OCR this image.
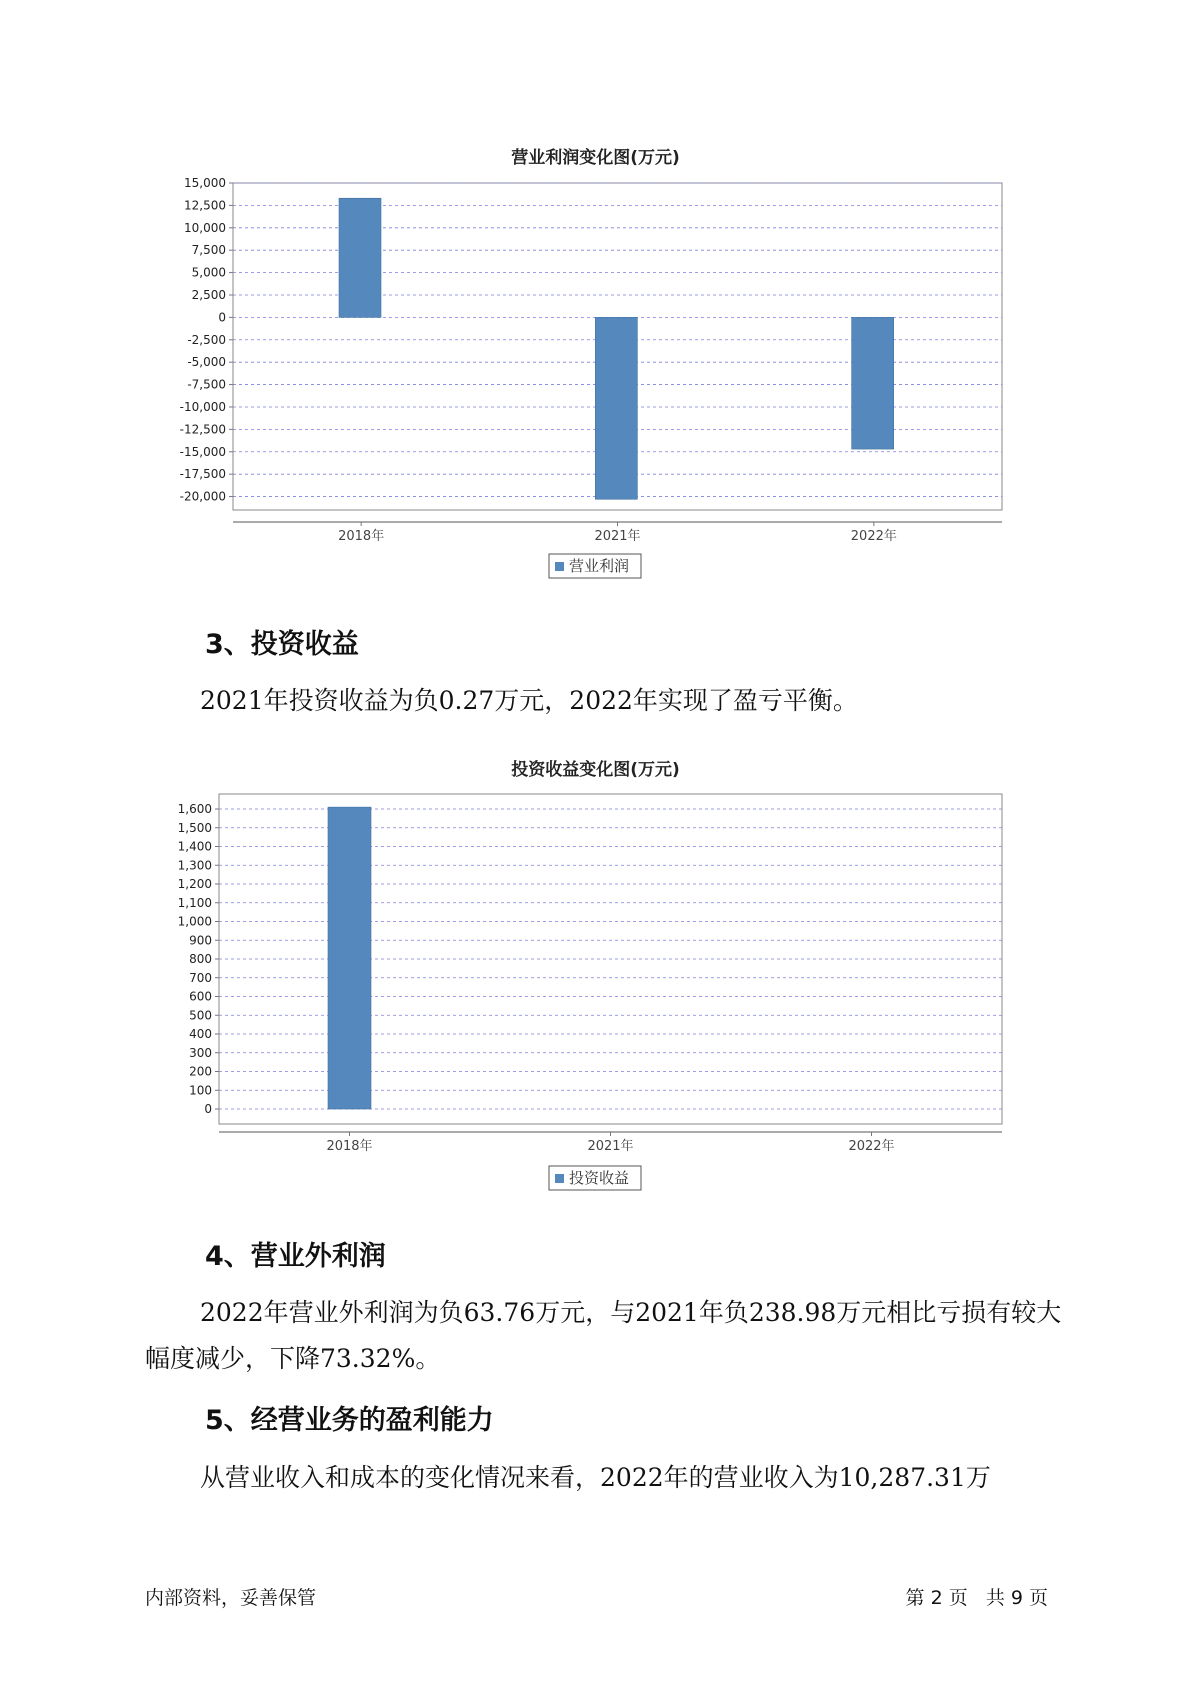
营业利润变化图(万元)
15,000
12,500
10,000
7,500
5,000
2,500
0
-2,500
-5,000
-7,500
-10,000
-12,500
-15,000
-17,500
-20,000
2018年	2021年	2022年
营业利润
3、投资收益

2021年投资收益为负0.27万元，2022年实现了盈亏平衡。

投资收益变化图(万元)
1,600
1,500
1,400
1,300
1,200
1,100
1,000
900
800
700
600
500
400
300
200
100
0
2018年	2021年	2022年
投资收益
4、营业外利润

2022年营业外利润为负63.76万元，与2021年负238.98万元相比亏损有较大幅度减少，下降73.32%。

5、经营业务的盈利能力

从营业收入和成本的变化情况来看，2022年的营业收入为10,287.31万

内部资料，妥善保管	第 2 页   共 9 页
